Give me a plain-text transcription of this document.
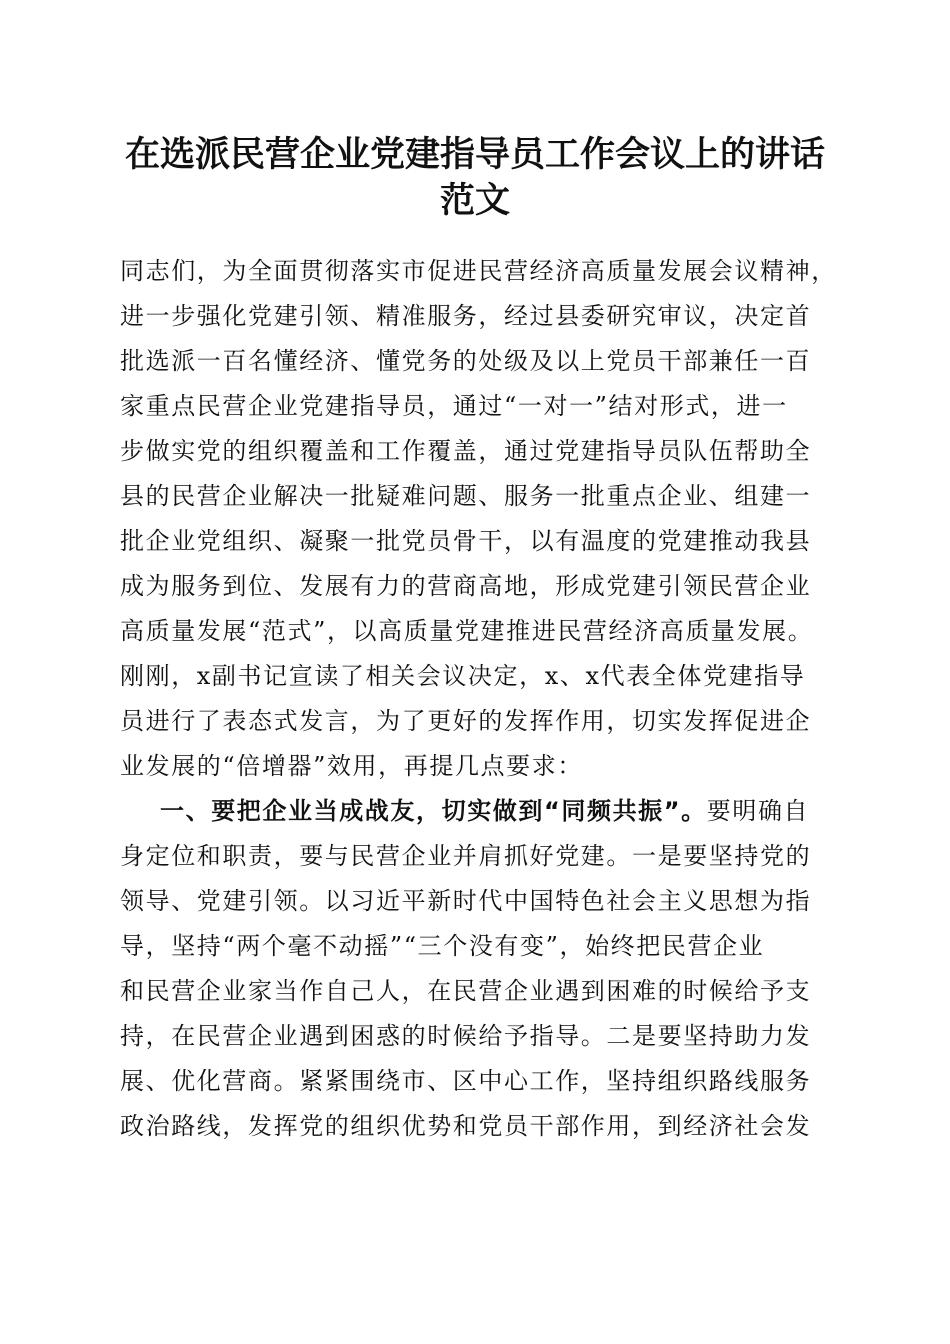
在选派民营企业党建指导员工作会议上的讲话
范文
同志们，为全面贯彻落实市促进民营经济高质量发展会议精神，
进一步强化党建引领、精准服务，经过县委研究审议，决定首
批选派一百名懂经济、懂党务的处级及以上党员干部兼任一百
家重点民营企业党建指导员，通过“一对一”结对形式，进一
步做实党的组织覆盖和工作覆盖，通过党建指导员队伍帮助全
县的民营企业解决一批疑难问题、服务一批重点企业、组建一
批企业党组织、凝聚一批党员骨干，以有温度的党建推动我县
成为服务到位、发展有力的营商高地，形成党建引领民营企业
高质量发展“范式”，以高质量党建推进民营经济高质量发展。
刚刚，x副书记宣读了相关会议决定，x、x代表全体党建指导
员进行了表态式发言，为了更好的发挥作用，切实发挥促进企
业发展的“倍增器”效用，再提几点要求：
一、要把企业当成战友，切实做到“同频共振”。要明确自
身定位和职责，要与民营企业并肩抓好党建。一是要坚持党的
领导、党建引领。以习近平新时代中国特色社会主义思想为指
导，坚持“两个毫不动摇”“三个没有变”，始终把民营企业
和民营企业家当作自己人，在民营企业遇到困难的时候给予支
持，在民营企业遇到困惑的时候给予指导。二是要坚持助力发
展、优化营商。紧紧围绕市、区中心工作，坚持组织路线服务
政治路线，发挥党的组织优势和党员干部作用，到经济社会发
